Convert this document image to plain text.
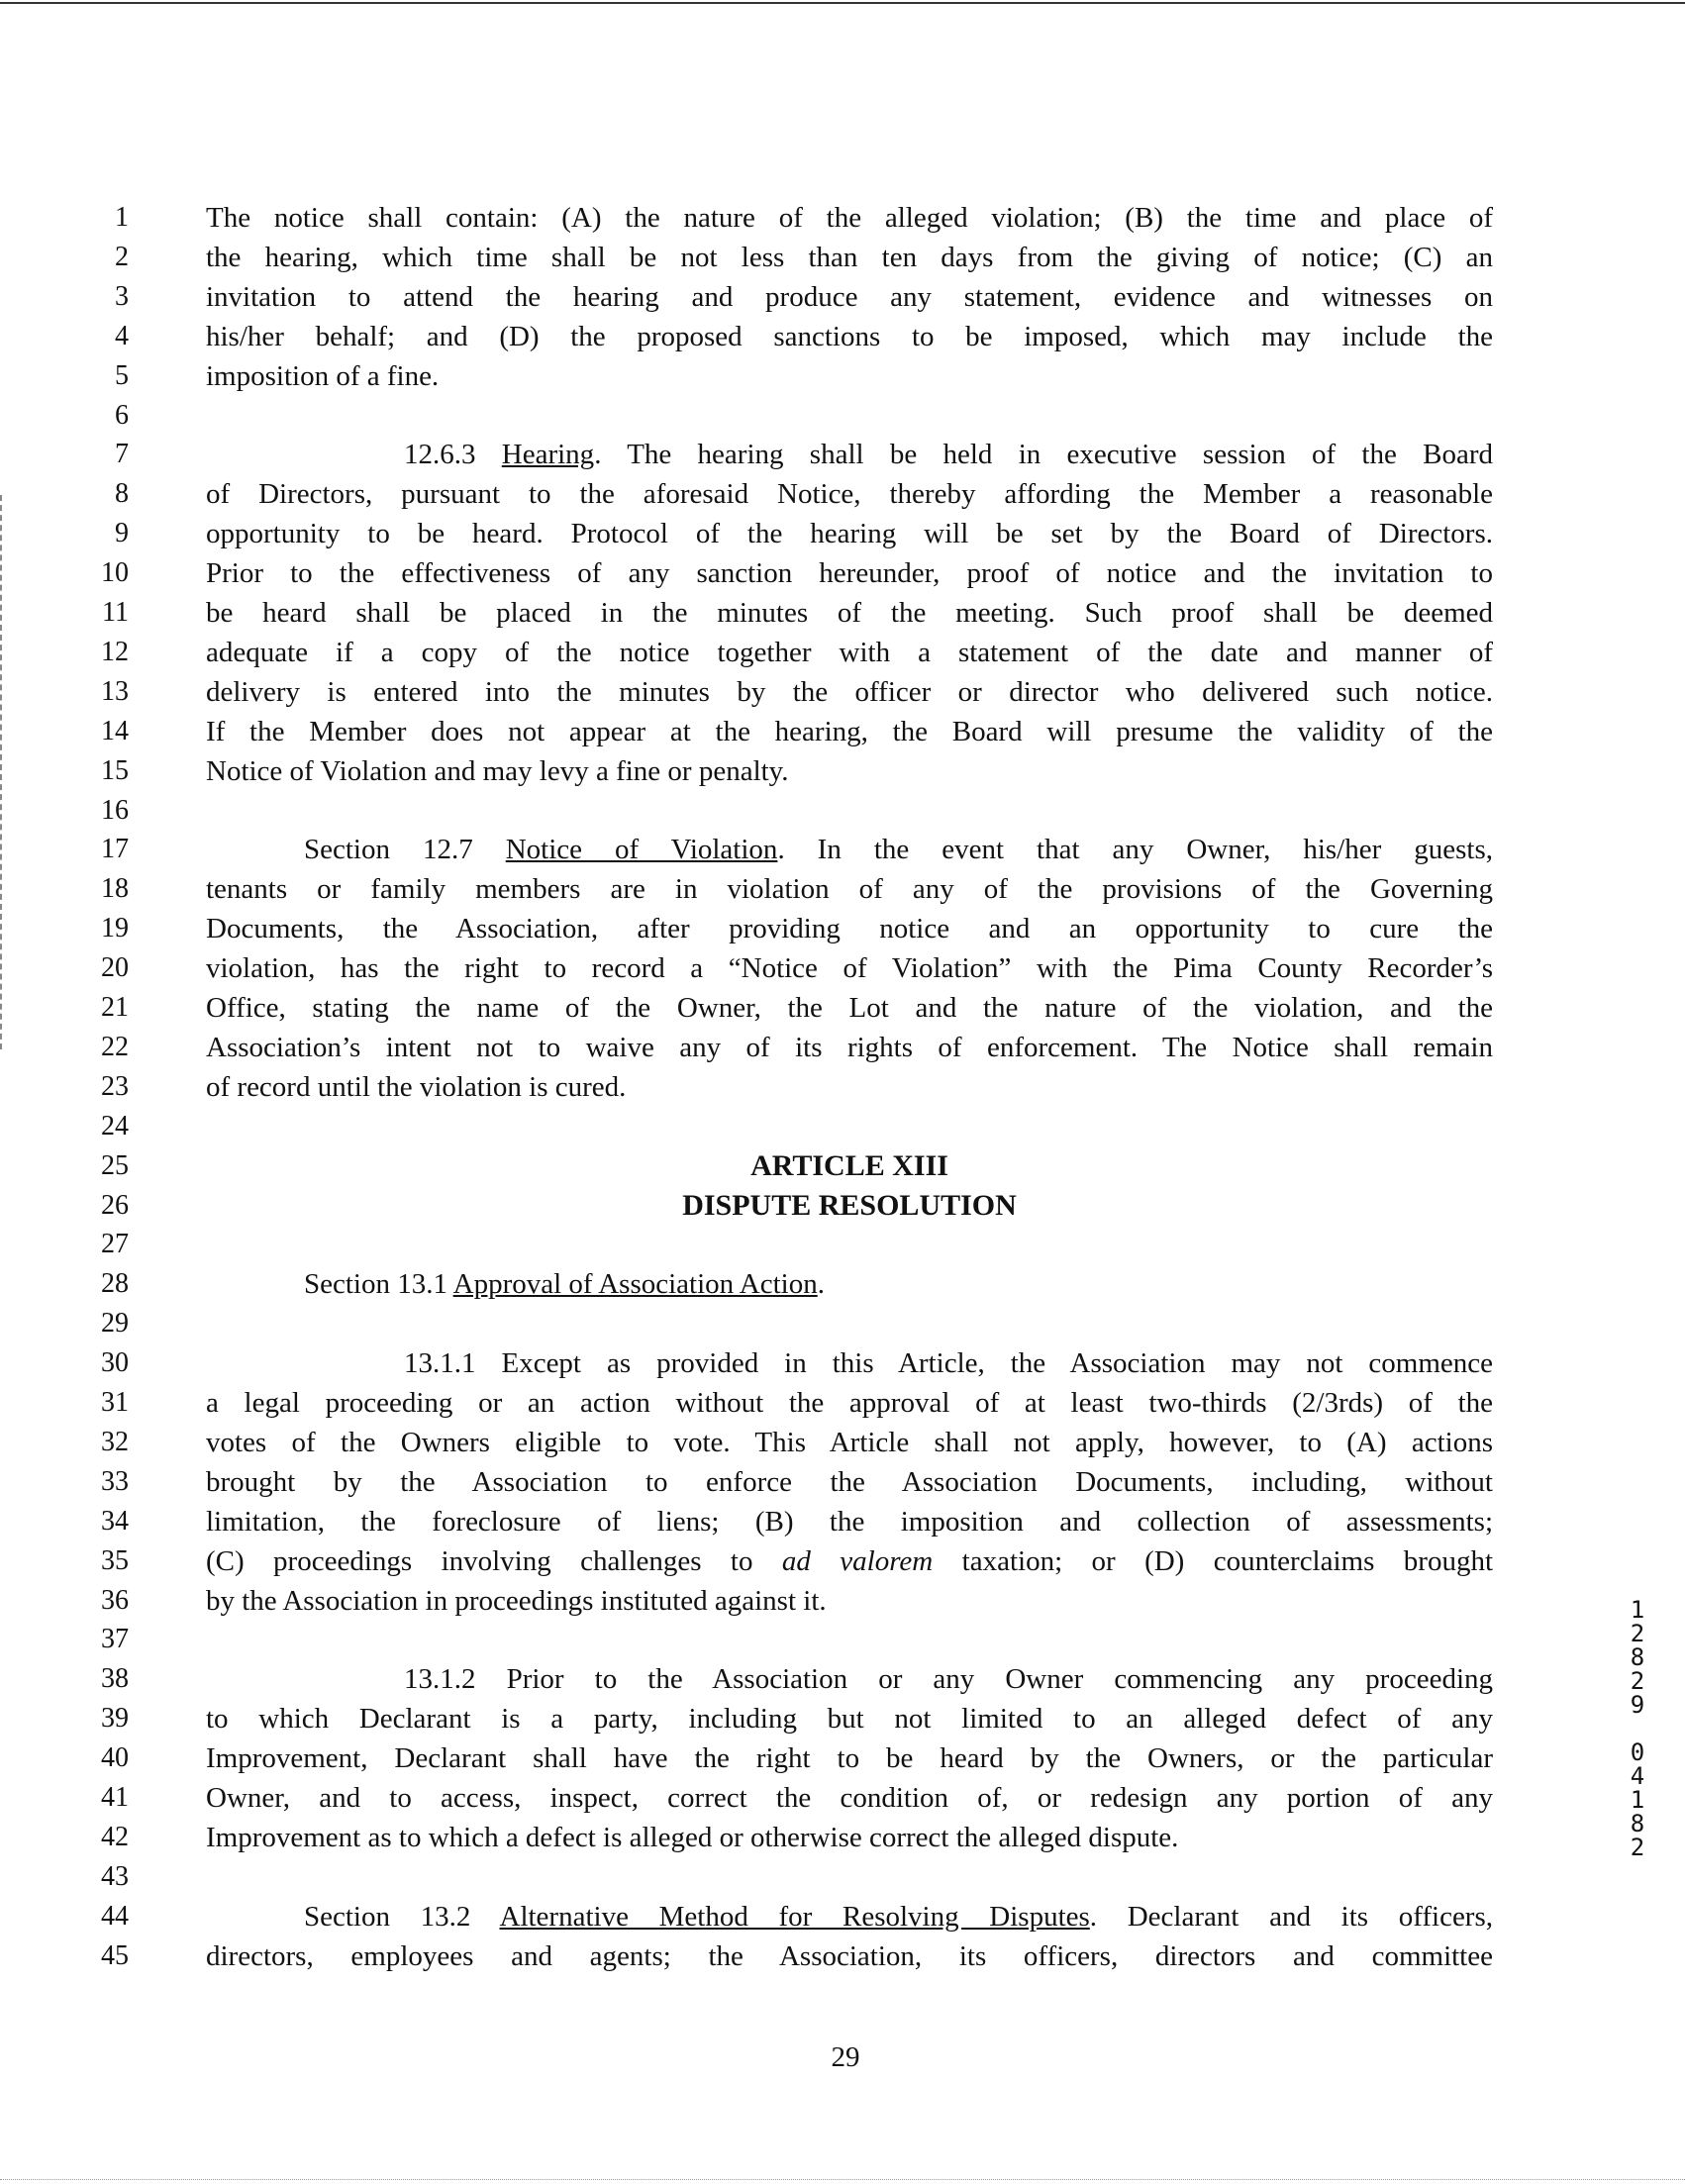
1	The notice shall contain: (A) the nature of the alleged violation; (B) the time and place of
2	the hearing, which time shall be not less than ten days from the giving of notice; (C) an
3	invitation to attend the hearing and produce any statement, evidence and witnesses on
4	his/her behalf; and (D) the proposed sanctions to be imposed, which may include the
5	imposition of a fine.
6
7	12.6.3 Hearing. The hearing shall be held in executive session of the Board
8	of Directors, pursuant to the aforesaid Notice, thereby affording the Member a reasonable
9	opportunity to be heard. Protocol of the hearing will be set by the Board of Directors.
10	Prior to the effectiveness of any sanction hereunder, proof of notice and the invitation to
11	be heard shall be placed in the minutes of the meeting. Such proof shall be deemed
12	adequate if a copy of the notice together with a statement of the date and manner of
13	delivery is entered into the minutes by the officer or director who delivered such notice.
14	If the Member does not appear at the hearing, the Board will presume the validity of the
15	Notice of Violation and may levy a fine or penalty.
16
17	Section 12.7 Notice of Violation. In the event that any Owner, his/her guests,
18	tenants or family members are in violation of any of the provisions of the Governing
19	Documents, the Association, after providing notice and an opportunity to cure the
20	violation, has the right to record a “Notice of Violation” with the Pima County Recorder’s
21	Office, stating the name of the Owner, the Lot and the nature of the violation, and the
22	Association’s intent not to waive any of its rights of enforcement. The Notice shall remain
23	of record until the violation is cured.
24
25	ARTICLE XIII
26	DISPUTE RESOLUTION
27
28	Section 13.1 Approval of Association Action.
29
30	13.1.1 Except as provided in this Article, the Association may not commence
31	a legal proceeding or an action without the approval of at least two-thirds (2/3rds) of the
32	votes of the Owners eligible to vote. This Article shall not apply, however, to (A) actions
33	brought by the Association to enforce the Association Documents, including, without
34	limitation, the foreclosure of liens; (B) the imposition and collection of assessments;
35	(C) proceedings involving challenges to ad valorem taxation; or (D) counterclaims brought
36	by the Association in proceedings instituted against it.
37
38	13.1.2 Prior to the Association or any Owner commencing any proceeding
39	to which Declarant is a party, including but not limited to an alleged defect of any
40	Improvement, Declarant shall have the right to be heard by the Owners, or the particular
41	Owner, and to access, inspect, correct the condition of, or redesign any portion of any
42	Improvement as to which a defect is alleged or otherwise correct the alleged dispute.
43
44	Section 13.2 Alternative Method for Resolving Disputes. Declarant and its officers,
45	directors, employees and agents; the Association, its officers, directors and committee
12829 04182
29
